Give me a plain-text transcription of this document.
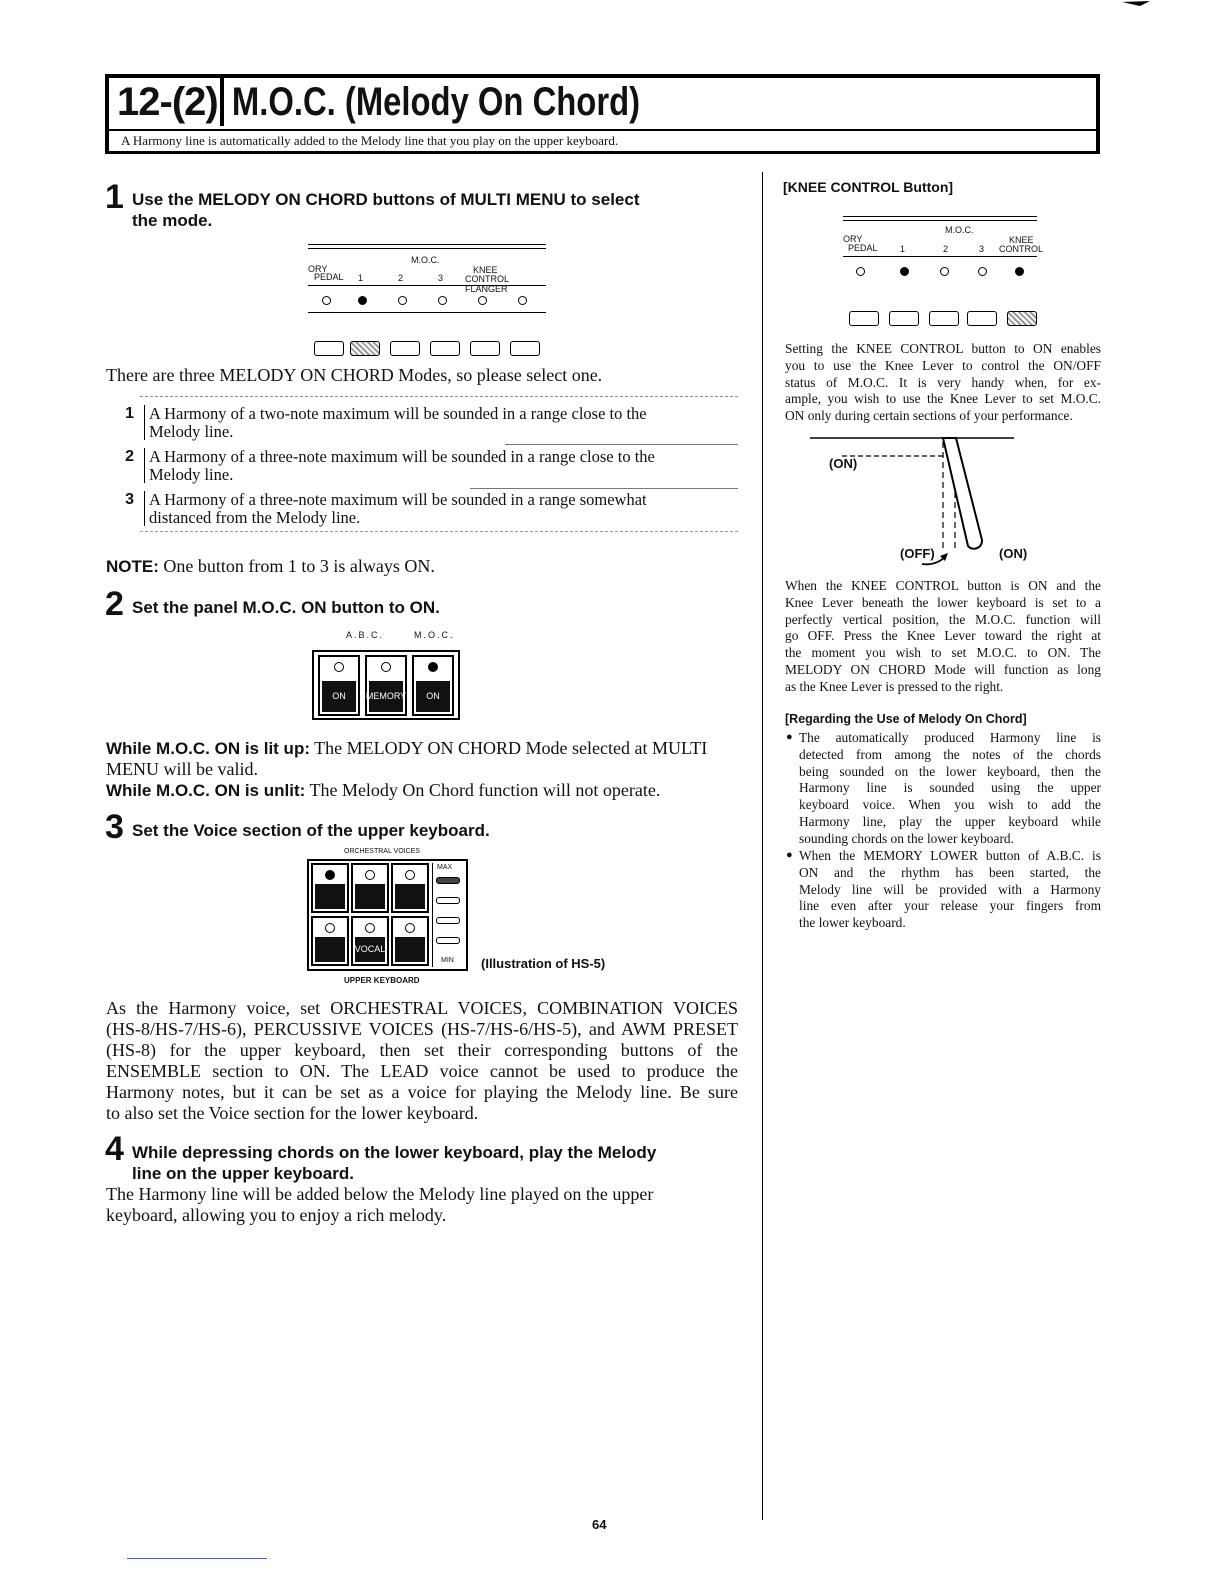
12-(2) M.O.C. (Melody On Chord)
A Harmony line is automatically added to the Melody line that you play on the upper keyboard.
1 Use the MELODY ON CHORD buttons of MULTI MENU to select
the mode.
M.O.C.
ORY
PEDAL 1	2	3
KNEE
CONTROL FLANGER
There are three MELODY ON CHORD Modes, so please select one.
1 A Harmony of a two-note maximum will be sounded in a range close to the
Melody line.
2 A Harmony of a three-note maximum will be sounded in a range close to the
Melody line.
3 A Harmony of a three-note maximum will be sounded in a range somewhat
distanced from the Melody line.
NOTE: One button from 1 to 3 is always ON.
2 Set the panel M.O.C. ON button to ON.
A.B.C.	M.O.C.
ON	MEMORY	ON
While M.O.C. ON is lit up: The MELODY ON CHORD Mode selected at MULTI
MENU will be valid.
While M.O.C. ON is unlit: The Melody On Chord function will not operate.
3 Set the Voice section of the upper keyboard.
ORCHESTRAL VOICES
VOCAL
MAX
MIN
UPPER KEYBOARD
(Illustration of HS-5)
As the Harmony voice, set ORCHESTRAL VOICES, COMBINATION VOICES
(HS-8/HS-7/HS-6), PERCUSSIVE VOICES (HS-7/HS-6/HS-5), and AWM PRESET
(HS-8) for the upper keyboard, then set their corresponding buttons of the
ENSEMBLE section to ON. The LEAD voice cannot be used to produce the
Harmony notes, but it can be set as a voice for playing the Melody line. Be sure
to also set the Voice section for the lower keyboard.
4 While depressing chords on the lower keyboard, play the Melody
line on the upper keyboard.
The Harmony line will be added below the Melody line played on the upper
keyboard, allowing you to enjoy a rich melody.
[KNEE CONTROL Button]
M.O.C.
ORY
PEDAL 1	2	3
KNEE
CONTROL
Setting the KNEE CONTROL button to ON enables
you to use the Knee Lever to control the ON/OFF
status of M.O.C. It is very handy when, for ex-
ample, you wish to use the Knee Lever to set M.O.C.
ON only during certain sections of your performance.
(ON)
(OFF)	(ON)
When the KNEE CONTROL button is ON and the
Knee Lever beneath the lower keyboard is set to a
perfectly vertical position, the M.O.C. function will
go OFF. Press the Knee Lever toward the right at
the moment you wish to set M.O.C. to ON. The
MELODY ON CHORD Mode will function as long
as the Knee Lever is pressed to the right.
[Regarding the Use of Melody On Chord]
● The automatically produced Harmony line is
detected from among the notes of the chords
being sounded on the lower keyboard, then the
Harmony line is sounded using the upper
keyboard voice. When you wish to add the
Harmony line, play the upper keyboard while
sounding chords on the lower keyboard.
● When the MEMORY LOWER button of A.B.C. is
ON and the rhythm has been started, the
Melody line will be provided with a Harmony
line even after your release your fingers from
the lower keyboard.
64
